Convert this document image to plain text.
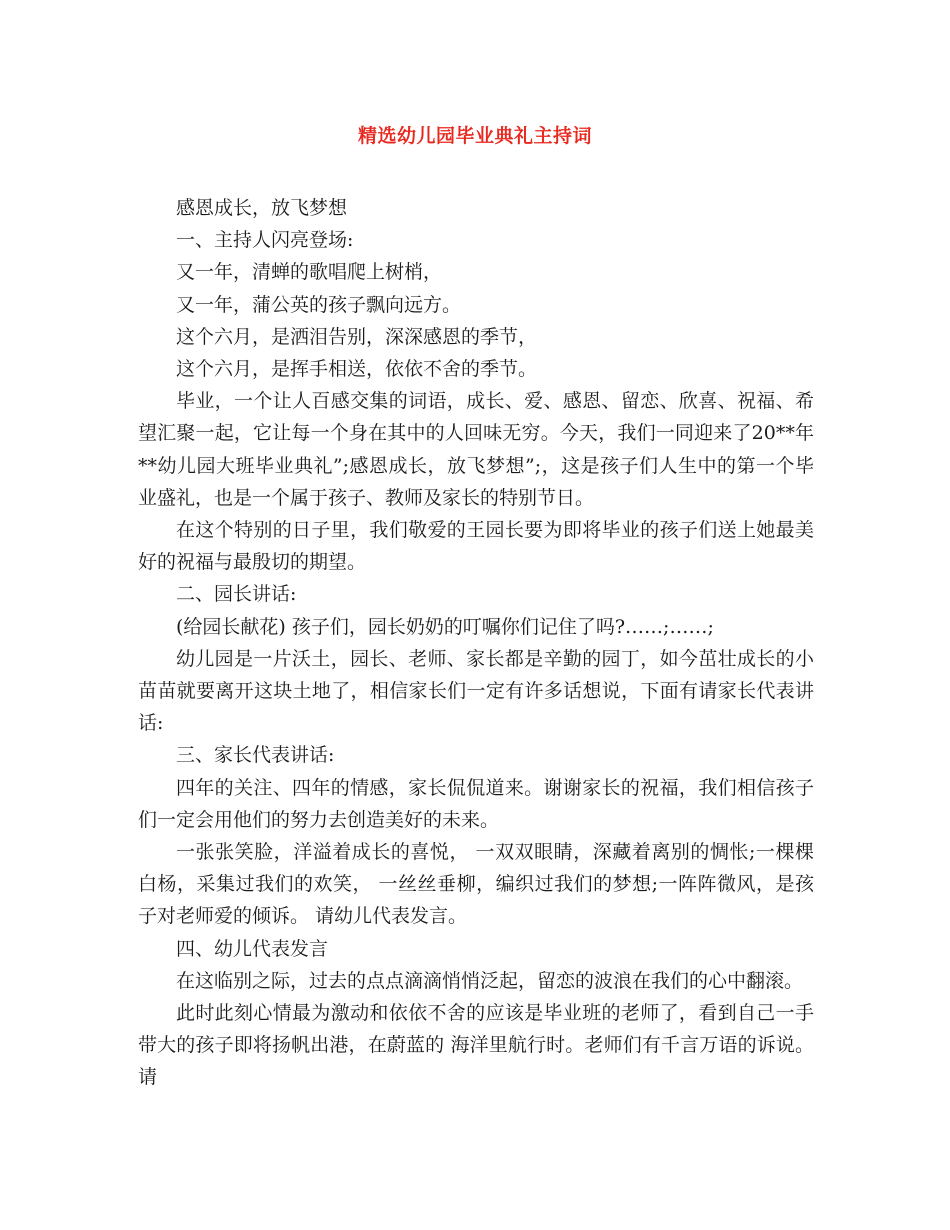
精选幼儿园毕业典礼主持词

感恩成长，放飞梦想

一、主持人闪亮登场:

又一年，清蝉的歌唱爬上树梢，

又一年，蒲公英的孩子飘向远方。

这个六月，是洒泪告别，深深感恩的季节，

这个六月，是挥手相送，依依不舍的季节。

毕业，一个让人百感交集的词语，成长、爱、感恩、留恋、欣喜、祝福、希望汇聚一起，它让每一个身在其中的人回味无穷。今天，我们一同迎来了20**年**幼儿园大班毕业典礼”;感恩成长，放飞梦想”;，这是孩子们人生中的第一个毕业盛礼，也是一个属于孩子、教师及家长的特别节日。

在这个特别的日子里，我们敬爱的王园长要为即将毕业的孩子们送上她最美好的祝福与最殷切的期望。

二、园长讲话:

(给园长献花) 孩子们，园长奶奶的叮嘱你们记住了吗?……;……;

幼儿园是一片沃土，园长、老师、家长都是辛勤的园丁，如今茁壮成长的小苗苗就要离开这块土地了，相信家长们一定有许多话想说，下面有请家长代表讲话:

三、家长代表讲话:

四年的关注、四年的情感，家长侃侃道来。谢谢家长的祝福，我们相信孩子们一定会用他们的努力去创造美好的未来。

一张张笑脸，洋溢着成长的喜悦， 一双双眼睛，深藏着离别的惆怅;一棵棵白杨，采集过我们的欢笑， 一丝丝垂柳，编织过我们的梦想;一阵阵微风，是孩子对老师爱的倾诉。 请幼儿代表发言。

四、幼儿代表发言

在这临别之际，过去的点点滴滴悄悄泛起，留恋的波浪在我们的心中翻滚。

此时此刻心情最为激动和依依不舍的应该是毕业班的老师了，看到自己一手带大的孩子即将扬帆出港，在蔚蓝的 海洋里航行时。老师们有千言万语的诉说。请
